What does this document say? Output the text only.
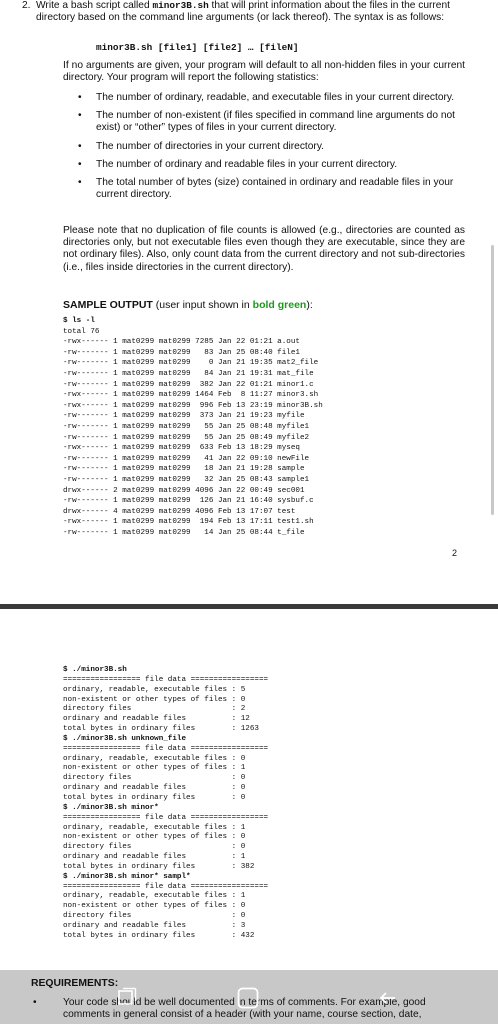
2. Write a bash script called minor3B.sh that will print information about the files in the current directory based on the command line arguments (or lack thereof). The syntax is as follows:
minor3B.sh [file1] [file2] … [fileN]
If no arguments are given, your program will default to all non-hidden files in your current directory. Your program will report the following statistics:
• The number of ordinary, readable, and executable files in your current directory.
• The number of non-existent (if files specified in command line arguments do not exist) or “other” types of files in your current directory.
• The number of directories in your current directory.
• The number of ordinary and readable files in your current directory.
• The total number of bytes (size) contained in ordinary and readable files in your current directory.
Please note that no duplication of file counts is allowed (e.g., directories are counted as directories only, but not executable files even though they are executable, since they are not ordinary files). Also, only count data from the current directory and not sub-directories (i.e., files inside directories in the current directory).
SAMPLE OUTPUT (user input shown in bold green):
$ ls -l
total 76
-rwx------ 1 mat0299 mat0299 7285 Jan 22 01:21 a.out
-rw------- 1 mat0299 mat0299   83 Jan 25 08:40 file1
-rw------- 1 mat0299 mat0299    0 Jan 21 19:35 mat2_file
-rw------- 1 mat0299 mat0299   84 Jan 21 19:31 mat_file
-rw------- 1 mat0299 mat0299  382 Jan 22 01:21 minor1.c
-rwx------ 1 mat0299 mat0299 1464 Feb  8 11:27 minor3.sh
-rwx------ 1 mat0299 mat0299  996 Feb 13 23:19 minor3B.sh
-rw------- 1 mat0299 mat0299  373 Jan 21 19:23 myfile
-rw------- 1 mat0299 mat0299   55 Jan 25 08:48 myfile1
-rw------- 1 mat0299 mat0299   55 Jan 25 08:49 myfile2
-rwx------ 1 mat0299 mat0299  633 Feb 13 18:29 myseq
-rw------- 1 mat0299 mat0299   41 Jan 22 09:10 newFile
-rw------- 1 mat0299 mat0299   18 Jan 21 19:28 sample
-rw------- 1 mat0299 mat0299   32 Jan 25 08:43 sample1
drwx------ 2 mat0299 mat0299 4096 Jan 22 00:49 sec001
-rw------- 1 mat0299 mat0299  126 Jan 21 16:40 sysbuf.c
drwx------ 4 mat0299 mat0299 4096 Feb 13 17:07 test
-rwx------ 1 mat0299 mat0299  194 Feb 13 17:11 test1.sh
-rw------- 1 mat0299 mat0299   14 Jan 25 08:44 t_file

2
$ ./minor3B.sh
================= file data =================
ordinary, readable, executable files : 5
non-existent or other types of files : 0
directory files                      : 2
ordinary and readable files          : 12
total bytes in ordinary files        : 1263
$ ./minor3B.sh unknown_file
================= file data =================
ordinary, readable, executable files : 0
non-existent or other types of files : 1
directory files                      : 0
ordinary and readable files          : 0
total bytes in ordinary files        : 0
$ ./minor3B.sh minor*
================= file data =================
ordinary, readable, executable files : 1
non-existent or other types of files : 0
directory files                      : 0
ordinary and readable files          : 1
total bytes in ordinary files        : 382
$ ./minor3B.sh minor* sampl*
================= file data =================
ordinary, readable, executable files : 1
non-existent or other types of files : 0
directory files                      : 0
ordinary and readable files          : 3
total bytes in ordinary files        : 432

REQUIREMENTS:
•	Your code should be well documented in terms of comments. For example, good comments in general consist of a header (with your name, course section, date,
